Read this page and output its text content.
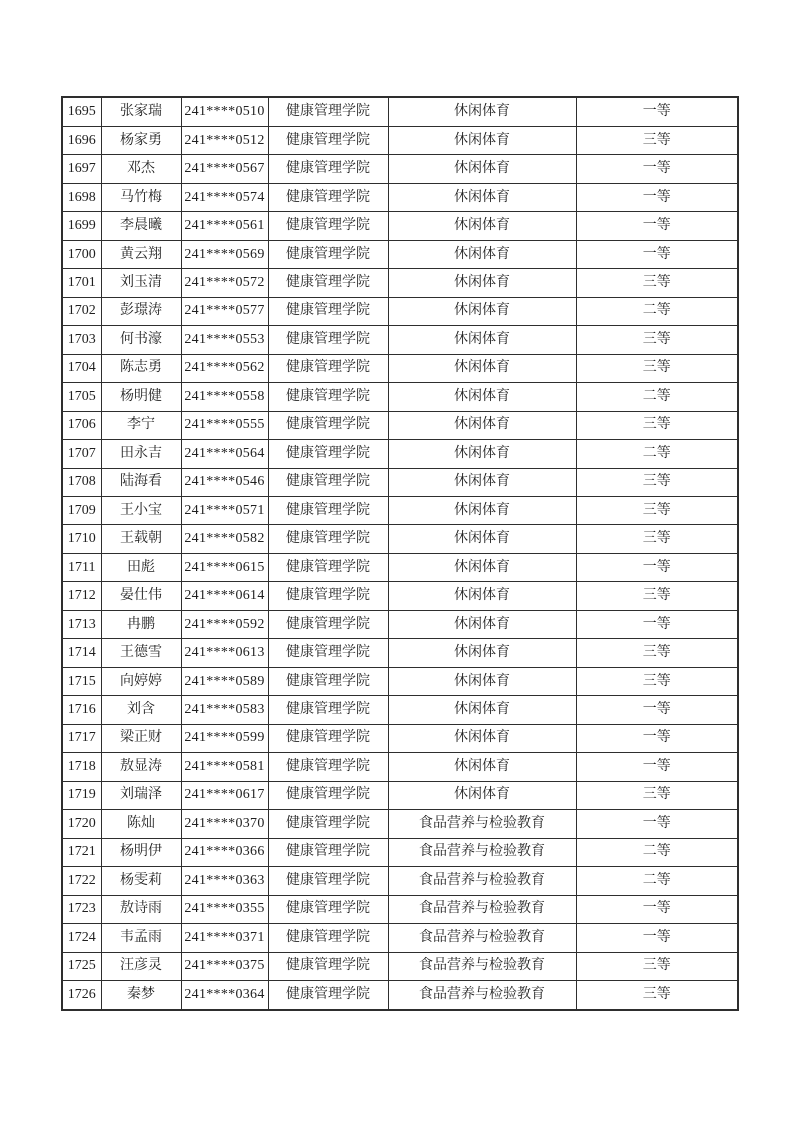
1695	张家瑞	241****0510	健康管理学院	休闲体育	一等
1696	杨家勇	241****0512	健康管理学院	休闲体育	三等
1697	邓杰	241****0567	健康管理学院	休闲体育	一等
1698	马竹梅	241****0574	健康管理学院	休闲体育	一等
1699	李晨曦	241****0561	健康管理学院	休闲体育	一等
1700	黄云翔	241****0569	健康管理学院	休闲体育	一等
1701	刘玉清	241****0572	健康管理学院	休闲体育	三等
1702	彭璟涛	241****0577	健康管理学院	休闲体育	二等
1703	何书濠	241****0553	健康管理学院	休闲体育	三等
1704	陈志勇	241****0562	健康管理学院	休闲体育	三等
1705	杨明健	241****0558	健康管理学院	休闲体育	二等
1706	李宁	241****0555	健康管理学院	休闲体育	三等
1707	田永吉	241****0564	健康管理学院	休闲体育	二等
1708	陆海看	241****0546	健康管理学院	休闲体育	三等
1709	王小宝	241****0571	健康管理学院	休闲体育	三等
1710	王载朝	241****0582	健康管理学院	休闲体育	三等
1711	田彪	241****0615	健康管理学院	休闲体育	一等
1712	晏仕伟	241****0614	健康管理学院	休闲体育	三等
1713	冉鹏	241****0592	健康管理学院	休闲体育	一等
1714	王德雪	241****0613	健康管理学院	休闲体育	三等
1715	向婷婷	241****0589	健康管理学院	休闲体育	三等
1716	刘含	241****0583	健康管理学院	休闲体育	一等
1717	梁正财	241****0599	健康管理学院	休闲体育	一等
1718	敖显涛	241****0581	健康管理学院	休闲体育	一等
1719	刘瑞泽	241****0617	健康管理学院	休闲体育	三等
1720	陈灿	241****0370	健康管理学院	食品营养与检验教育	一等
1721	杨明伊	241****0366	健康管理学院	食品营养与检验教育	二等
1722	杨雯莉	241****0363	健康管理学院	食品营养与检验教育	二等
1723	敖诗雨	241****0355	健康管理学院	食品营养与检验教育	一等
1724	韦孟雨	241****0371	健康管理学院	食品营养与检验教育	一等
1725	汪彦灵	241****0375	健康管理学院	食品营养与检验教育	三等
1726	秦梦	241****0364	健康管理学院	食品营养与检验教育	三等
